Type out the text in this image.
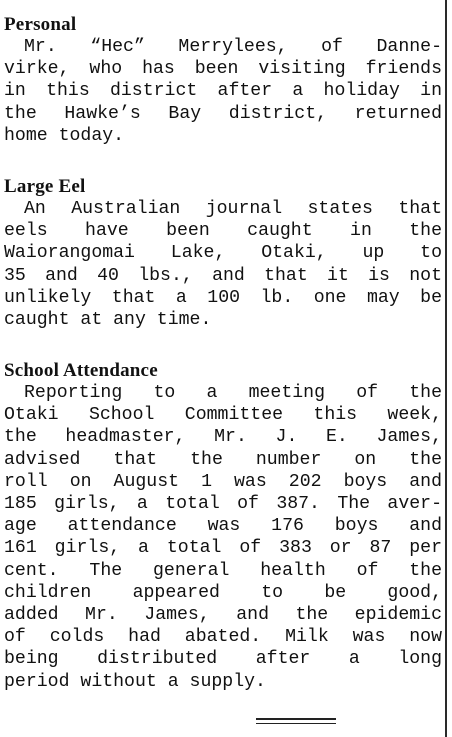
Personal

Mr. “Hec” Merrylees, of Danne-
virke, who has been visiting friends
in this district after a holiday in
the Hawke’s Bay district, returned
home today.

Large Eel

An Australian journal states that
eels have been caught in the
Waiorangomai Lake, Otaki, up to
35 and 40 lbs., and that it is not
unlikely that a 100 lb. one may be
caught at any time.

School Attendance

Reporting to a meeting of the
Otaki School Committee this week,
the headmaster, Mr. J. E. James,
advised that the number on the
roll on August 1 was 202 boys and
185 girls, a total of 387. The aver-
age attendance was 176 boys and
161 girls, a total of 383 or 87 per
cent. The general health of the
children appeared to be good,
added Mr. James, and the epidemic
of colds had abated. Milk was now
being distributed after a long
period without a supply.
